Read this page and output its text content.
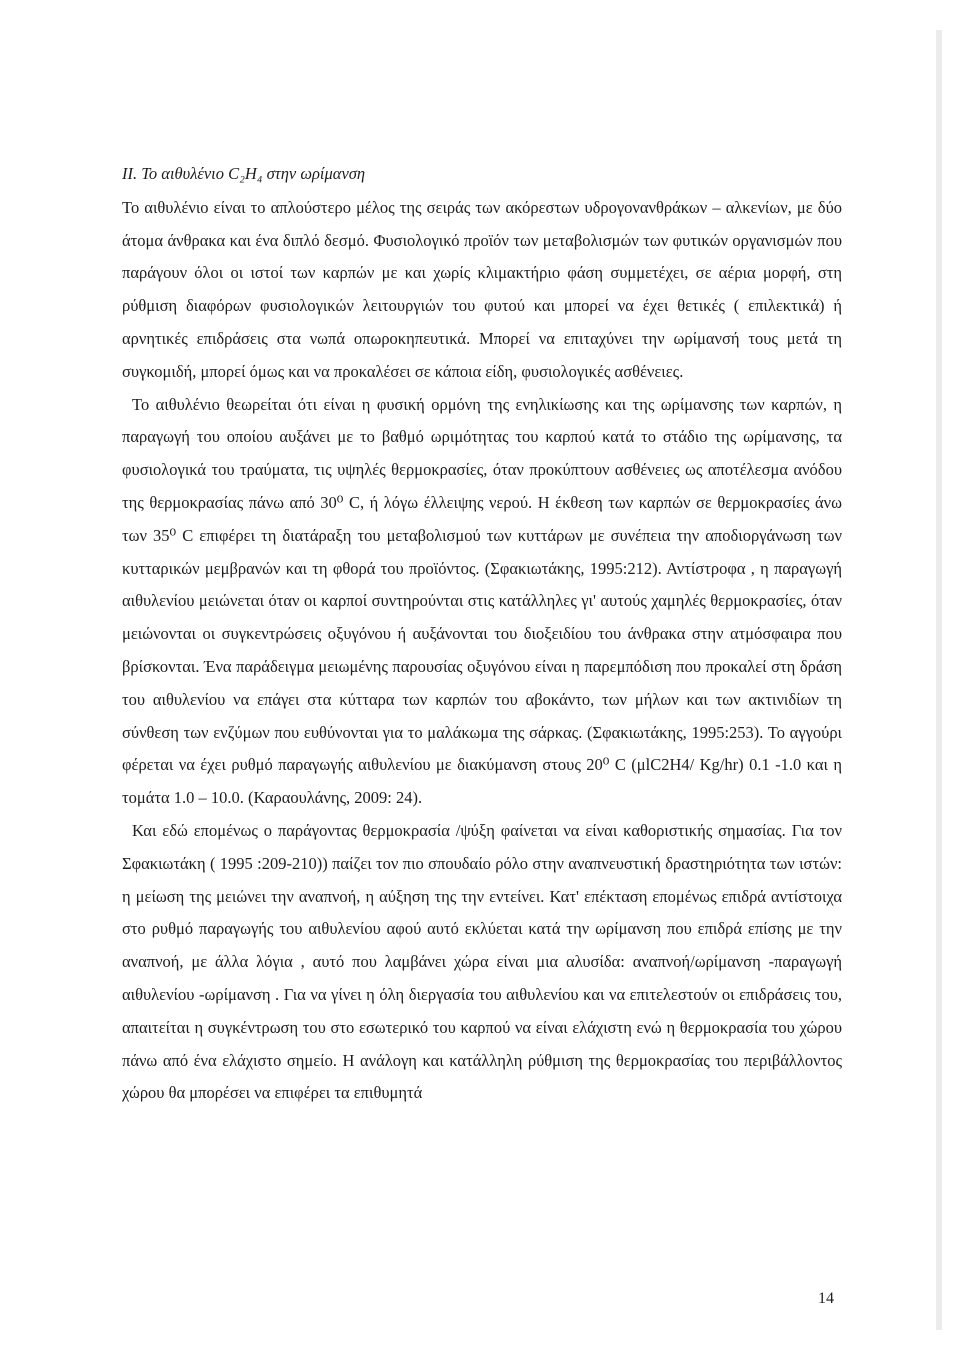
ΙΙ. Το αιθυλένιο C₂H₄ στην ωρίμανση

Το αιθυλένιο είναι το απλούστερο μέλος της σειράς των ακόρεστων υδρογονανθράκων – αλκενίων, με δύο άτομα άνθρακα και ένα διπλό δεσμό. Φυσιολογικό προϊόν των μεταβολισμών των φυτικών οργανισμών που παράγουν όλοι οι ιστοί των καρπών με και χωρίς κλιμακτήριο φάση συμμετέχει, σε αέρια μορφή, στη ρύθμιση διαφόρων φυσιολογικών λειτουργιών του φυτού και μπορεί να έχει θετικές ( επιλεκτικά) ή αρνητικές επιδράσεις στα νωπά οπωροκηπευτικά. Μπορεί να επιταχύνει την ωρίμανσή τους μετά τη συγκομιδή, μπορεί όμως και να προκαλέσει σε κάποια είδη, φυσιολογικές ασθένειες.

Το αιθυλένιο θεωρείται ότι είναι η φυσική ορμόνη της ενηλικίωσης και της ωρίμανσης των καρπών, η παραγωγή του οποίου αυξάνει με το βαθμό ωριμότητας του καρπού κατά το στάδιο της ωρίμανσης, τα φυσιολογικά του τραύματα, τις υψηλές θερμοκρασίες, όταν προκύπτουν ασθένειες ως αποτέλεσμα ανόδου της θερμοκρασίας πάνω από 30⁰ C, ή λόγω έλλειψης νερού. Η έκθεση των καρπών σε θερμοκρασίες άνω των 35⁰ C επιφέρει τη διατάραξη του μεταβολισμού των κυττάρων με συνέπεια την αποδιοργάνωση των κυτταρικών μεμβρανών και τη φθορά του προϊόντος. (Σφακιωτάκης, 1995:212). Αντίστροφα , η παραγωγή αιθυλενίου μειώνεται όταν οι καρποί συντηρούνται στις κατάλληλες γι' αυτούς χαμηλές θερμοκρασίες, όταν μειώνονται οι συγκεντρώσεις οξυγόνου ή αυξάνονται του διοξειδίου του άνθρακα στην ατμόσφαιρα που βρίσκονται. Ένα παράδειγμα μειωμένης παρουσίας οξυγόνου είναι η παρεμπόδιση που προκαλεί στη δράση του αιθυλενίου να επάγει στα κύτταρα των καρπών του αβοκάντο, των μήλων και των ακτινιδίων τη σύνθεση των ενζύμων που ευθύνονται για το μαλάκωμα της σάρκας. (Σφακιωτάκης, 1995:253). Το αγγούρι φέρεται να έχει ρυθμό παραγωγής αιθυλενίου με διακύμανση στους 20⁰ C (μlC2H4/ Kg/hr) 0.1 -1.0 και η τομάτα 1.0 – 10.0. (Καραουλάνης, 2009: 24).

Και εδώ επομένως ο παράγοντας θερμοκρασία /ψύξη φαίνεται να είναι καθοριστικής σημασίας. Για τον Σφακιωτάκη ( 1995 :209-210)) παίζει τον πιο σπουδαίο ρόλο στην αναπνευστική δραστηριότητα των ιστών: η μείωση της μειώνει την αναπνοή, η αύξηση της την εντείνει. Κατ' επέκταση επομένως επιδρά αντίστοιχα στο ρυθμό παραγωγής του αιθυλενίου αφού αυτό εκλύεται κατά την ωρίμανση που επιδρά επίσης με την αναπνοή, με άλλα λόγια , αυτό που λαμβάνει χώρα είναι μια αλυσίδα: αναπνοή/ωρίμανση -παραγωγή αιθυλενίου -ωρίμανση . Για να γίνει η όλη διεργασία του αιθυλενίου και να επιτελεστούν οι επιδράσεις του, απαιτείται η συγκέντρωση του στο εσωτερικό του καρπού να είναι ελάχιστη ενώ η θερμοκρασία του χώρου πάνω από ένα ελάχιστο σημείο. Η ανάλογη και κατάλληλη ρύθμιση της θερμοκρασίας του περιβάλλοντος χώρου θα μπορέσει να επιφέρει τα επιθυμητά

14
